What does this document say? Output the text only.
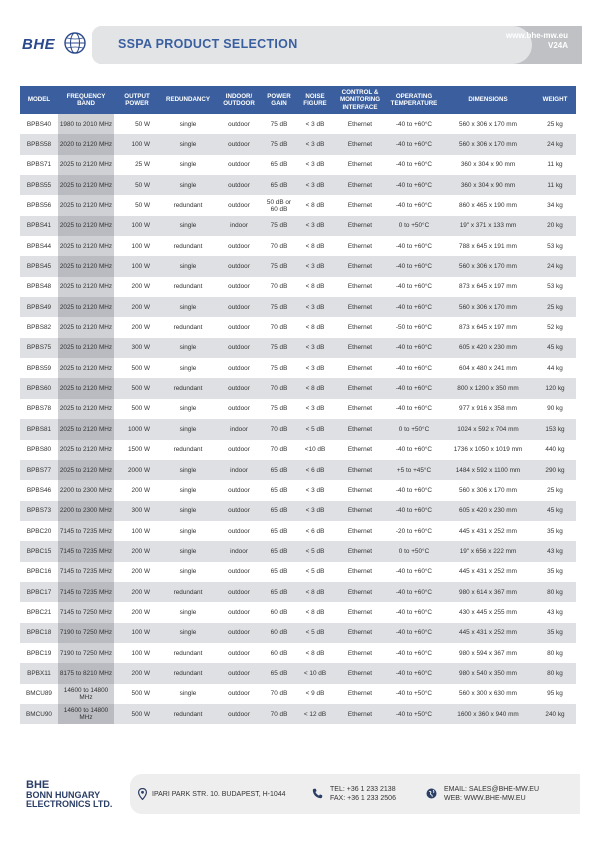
BHE	SSPA PRODUCT SELECTION
www.bhe-mw.eu
V24A
MODEL	FREQUENCY BAND	OUTPUT POWER	REDUNDANCY	INDOOR/ OUTDOOR	POWER GAIN	NOISE FIGURE	CONTROL & MONITORING INTERFACE	OPERATING TEMPERATURE	DIMENSIONS	WEIGHT
BPBS40	1980 to 2010 MHz	50 W	single	outdoor	75 dB	< 3 dB	Ethernet	-40 to +60°C	560 x 306 x 170 mm	25 kg
BPBS58	2020 to 2120 MHz	100 W	single	outdoor	75 dB	< 3 dB	Ethernet	-40 to +60°C	560 x 306 x 170 mm	24 kg
BPBS71	2025 to 2120 MHz	25 W	single	outdoor	65 dB	< 3 dB	Ethernet	-40 to +60°C	360 x 304 x 90 mm	11 kg
BPBS55	2025 to 2120 MHz	50 W	single	outdoor	65 dB	< 3 dB	Ethernet	-40 to +60°C	360 x 304 x 90 mm	11 kg
BPBS56	2025 to 2120 MHz	50 W	redundant	outdoor	50 dB or 60 dB	< 8 dB	Ethernet	-40 to +60°C	860 x 465 x 190 mm	34 kg
BPBS41	2025 to 2120 MHz	100 W	single	indoor	75 dB	< 3 dB	Ethernet	0 to +50°C	19" x 371 x 133 mm	20 kg
BPBS44	2025 to 2120 MHz	100 W	redundant	outdoor	70 dB	< 8 dB	Ethernet	-40 to +60°C	788 x 645 x 191 mm	53 kg
BPBS45	2025 to 2120 MHz	100 W	single	outdoor	75 dB	< 3 dB	Ethernet	-40 to +60°C	560 x 306 x 170 mm	24 kg
BPBS48	2025 to 2120 MHz	200 W	redundant	outdoor	70 dB	< 8 dB	Ethernet	-40 to +60°C	873 x 645 x 197 mm	53 kg
BPBS49	2025 to 2120 MHz	200 W	single	outdoor	75 dB	< 3 dB	Ethernet	-40 to +60°C	560 x 306 x 170 mm	25 kg
BPBS82	2025 to 2120 MHz	200 W	redundant	outdoor	70 dB	< 8 dB	Ethernet	-50 to +60°C	873 x 645 x 197 mm	52 kg
BPBS75	2025 to 2120 MHz	300 W	single	outdoor	75 dB	< 3 dB	Ethernet	-40 to +60°C	605 x 420 x 230 mm	45 kg
BPBS59	2025 to 2120 MHz	500 W	single	outdoor	75 dB	< 3 dB	Ethernet	-40 to +60°C	604 x 480 x 241 mm	44 kg
BPBS60	2025 to 2120 MHz	500 W	redundant	outdoor	70 dB	< 8 dB	Ethernet	-40 to +60°C	800 x 1200 x 350 mm	120 kg
BPBS78	2025 to 2120 MHz	500 W	single	outdoor	75 dB	< 3 dB	Ethernet	-40 to +60°C	977 x 916 x 358 mm	90 kg
BPBS81	2025 to 2120 MHz	1000 W	single	indoor	70 dB	< 5 dB	Ethernet	0 to +50°C	1024 x 592 x 704 mm	153 kg
BPBS80	2025 to 2120 MHz	1500 W	redundant	outdoor	70 dB	<10 dB	Ethernet	-40 to +60°C	1736 x 1050 x 1019 mm	440 kg
BPBS77	2025 to 2120 MHz	2000 W	single	indoor	65 dB	< 6 dB	Ethernet	+5 to +45°C	1484 x 592 x 1100 mm	290 kg
BPBS46	2200 to 2300 MHz	200 W	single	outdoor	65 dB	< 3 dB	Ethernet	-40 to +60°C	560 x 306 x 170 mm	25 kg
BPBS73	2200 to 2300 MHz	300 W	single	outdoor	65 dB	< 3 dB	Ethernet	-40 to +60°C	605 x 420 x 230 mm	45 kg
BPBC20	7145 to 7235 MHz	100 W	single	outdoor	65 dB	< 6 dB	Ethernet	-20 to +60°C	445 x 431 x 252 mm	35 kg
BPBC15	7145 to 7235 MHz	200 W	single	indoor	65 dB	< 5 dB	Ethernet	0 to +50°C	19" x 656 x 222 mm	43 kg
BPBC16	7145 to 7235 MHz	200 W	single	outdoor	65 dB	< 5 dB	Ethernet	-40 to +60°C	445 x 431 x 252 mm	35 kg
BPBC17	7145 to 7235 MHz	200 W	redundant	outdoor	65 dB	< 8 dB	Ethernet	-40 to +60°C	980 x 614 x 367 mm	80 kg
BPBC21	7145 to 7250 MHz	200 W	single	outdoor	60 dB	< 8 dB	Ethernet	-40 to +60°C	430 x 445 x 255 mm	43 kg
BPBC18	7190 to 7250 MHz	100 W	single	outdoor	60 dB	< 5 dB	Ethernet	-40 to +60°C	445 x 431 x 252 mm	35 kg
BPBC19	7190 to 7250 MHz	100 W	redundant	outdoor	60 dB	< 8 dB	Ethernet	-40 to +60°C	980 x 594 x 367 mm	80 kg
BPBX11	8175 to 8210 MHz	200 W	redundant	outdoor	65 dB	< 10 dB	Ethernet	-40 to +60°C	980 x 540 x 350 mm	80 kg
BMCU89	14600 to 14800 MHz	500 W	single	outdoor	70 dB	< 9 dB	Ethernet	-40 to +50°C	560 x 300 x 630 mm	95 kg
BMCU90	14600 to 14800 MHz	500 W	redundant	outdoor	70 dB	< 12 dB	Ethernet	-40 to +50°C	1600 x 360 x 940 mm	240 kg
BHE
BONN HUNGARY
ELECTRONICS LTD.
IPARI PARK STR. 10. BUDAPEST, H-1044
TEL: +36 1 233 2138
FAX: +36 1 233 2506
EMAIL: SALES@BHE-MW.EU
WEB: WWW.BHE-MW.EU
